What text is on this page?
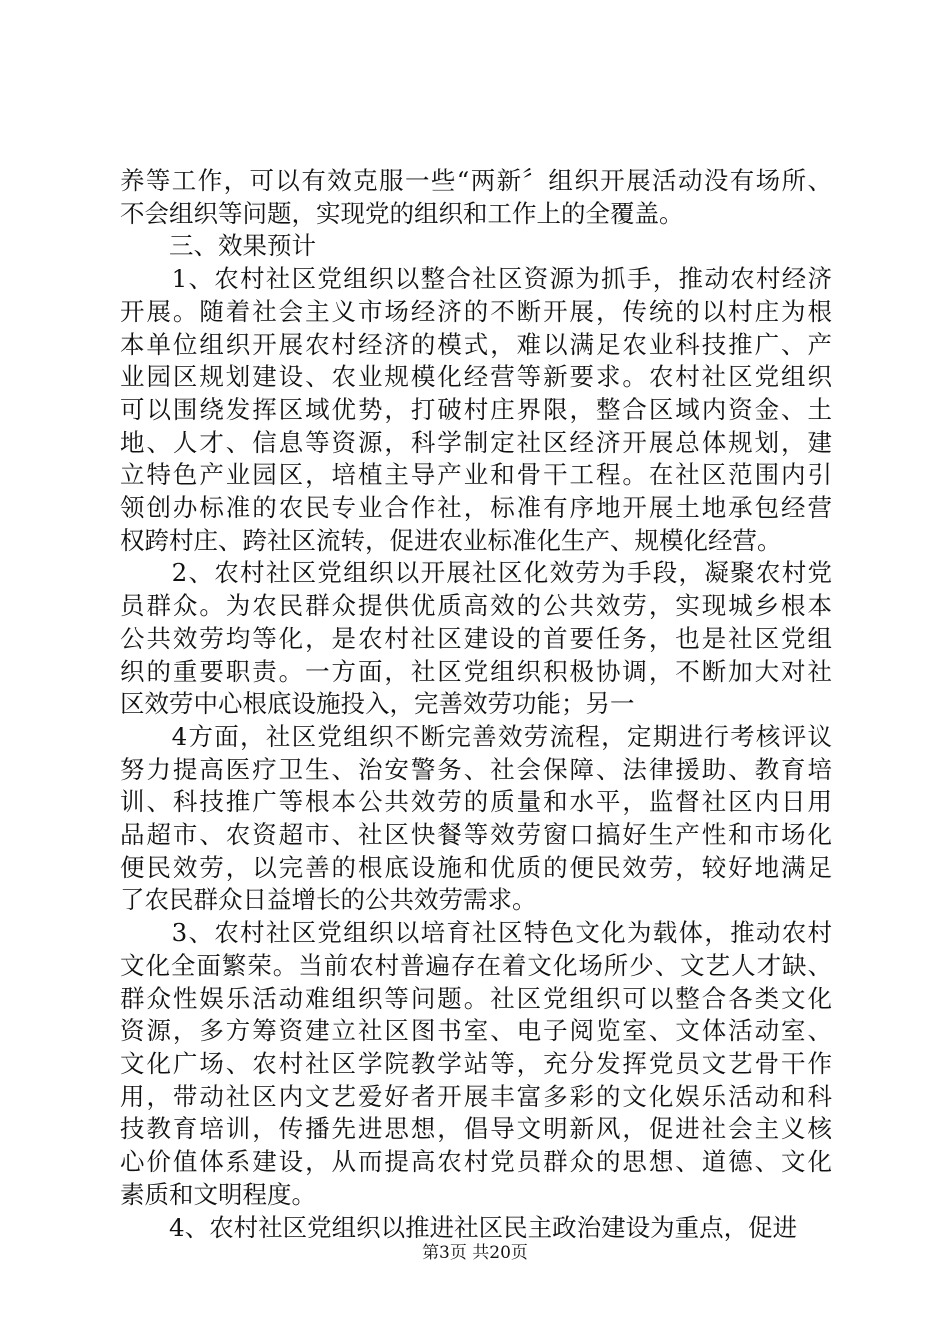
养等工作，可以有效克服一些“两新〞组织开展活动没有场所、
不会组织等问题，实现党的组织和工作上的全覆盖。
　　三、效果预计
　　1、农村社区党组织以整合社区资源为抓手，推动农村经济
开展。随着社会主义市场经济的不断开展，传统的以村庄为根
本单位组织开展农村经济的模式，难以满足农业科技推广、产
业园区规划建设、农业规模化经营等新要求。农村社区党组织
可以围绕发挥区域优势，打破村庄界限，整合区域内资金、土
地、人才、信息等资源，科学制定社区经济开展总体规划，建
立特色产业园区，培植主导产业和骨干工程。在社区范围内引
领创办标准的农民专业合作社，标准有序地开展土地承包经营
权跨村庄、跨社区流转，促进农业标准化生产、规模化经营。
　　2、农村社区党组织以开展社区化效劳为手段，凝聚农村党
员群众。为农民群众提供优质高效的公共效劳，实现城乡根本
公共效劳均等化，是农村社区建设的首要任务，也是社区党组
织的重要职责。一方面，社区党组织积极协调，不断加大对社
区效劳中心根底设施投入，完善效劳功能；另一
　　4方面，社区党组织不断完善效劳流程，定期进行考核评议
努力提高医疗卫生、治安警务、社会保障、法律援助、教育培
训、科技推广等根本公共效劳的质量和水平，监督社区内日用
品超市、农资超市、社区快餐等效劳窗口搞好生产性和市场化
便民效劳，以完善的根底设施和优质的便民效劳，较好地满足
了农民群众日益增长的公共效劳需求。
　　3、农村社区党组织以培育社区特色文化为载体，推动农村
文化全面繁荣。当前农村普遍存在着文化场所少、文艺人才缺、
群众性娱乐活动难组织等问题。社区党组织可以整合各类文化
资源，多方筹资建立社区图书室、电子阅览室、文体活动室、
文化广场、农村社区学院教学站等，充分发挥党员文艺骨干作
用，带动社区内文艺爱好者开展丰富多彩的文化娱乐活动和科
技教育培训，传播先进思想，倡导文明新风，促进社会主义核
心价值体系建设，从而提高农村党员群众的思想、道德、文化
素质和文明程度。
　　4、农村社区党组织以推进社区民主政治建设为重点，促进
第3页 共20页
